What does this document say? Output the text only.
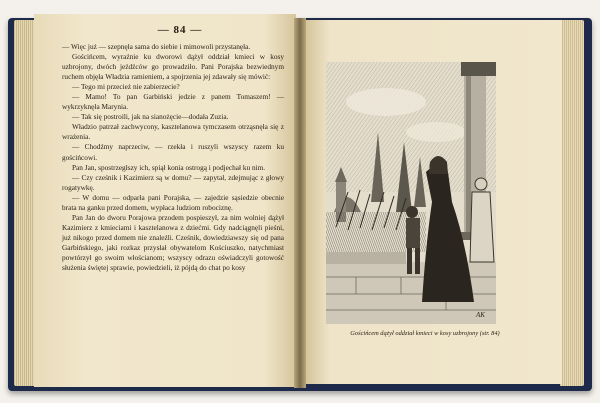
— 84 —

— Więc już — szepnęła sama do siebie i mimowoli przystanęła.

Gościńcem, wyraźnie ku dworowi dążył oddział kmieci w kosy uzbrojony, dwóch jeźdźców go prowadziło. Pani Porajska bezwiednym ruchem objęła Władzia ramieniem, a spojrzenia jej zdawały się mówić:

— Tego mi przecież nie zabierzecie?

— Mamo! To pan Garbiński jedzie z panem Tomaszem! — wykrzyknęła Marynia.

— Tak się postroili, jak na sianożęcie—dodała Zuzia.

Władzio patrzał zachwycony, kasztelanowa tymczasem otrząsnęła się z wrażenia.

— Chodźmy naprzeciw, — rzekła i ruszyli wszyscy razem ku gościńcowi.

Pan Jan, spostrzegłszy ich, spiął konia ostrogą i podjechał ku nim.

— Czy cześnik i Kazimierz są w domu? — zapytał, zdejmując z głowy rogatywkę.

— W domu — odparła pani Porajska, — zajedzie sąsiedzie obecnie brata na ganku przed domem, wypłaca ludziom robociznę.

Pan Jan do dworu Porajowa przodem pospieszył, za nim wolniej dążył Kazimierz z kmieciami i kasztelanowa z dziećmi. Gdy nadciągnęli pieśni, już nikogo przed domem nie znaleźli. Cześnik, dowiedziawszy się od pana Garbińskiego, jaki rozkaz przysłał obywatelom Kościuszko, natychmiast powtórzył go swoim włościanom; wszyscy odrazu oświadczyli gotowość służenia świętej sprawie, powiedzieli, iż pójdą do chat po kosy

AK
Gościńcem dążył oddział kmieci w kosy uzbrojony (str. 84)
